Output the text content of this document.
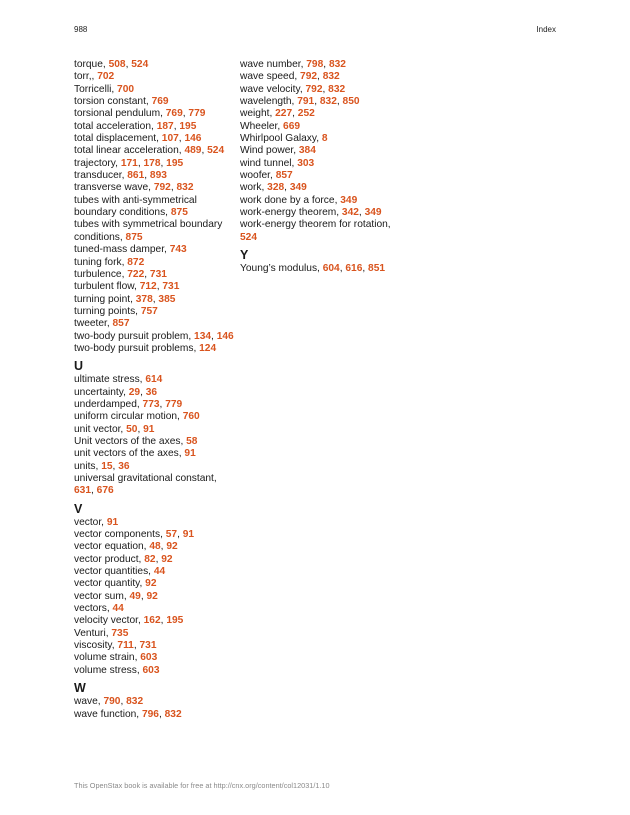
988	Index
torque, 508, 524
torr,, 702
Torricelli, 700
torsion constant, 769
torsional pendulum, 769, 779
total acceleration, 187, 195
total displacement, 107, 146
total linear acceleration, 489, 524
trajectory, 171, 178, 195
transducer, 861, 893
transverse wave, 792, 832
tubes with anti-symmetrical boundary conditions, 875
tubes with symmetrical boundary conditions, 875
tuned-mass damper, 743
tuning fork, 872
turbulence, 722, 731
turbulent flow, 712, 731
turning point, 378, 385
turning points, 757
tweeter, 857
two-body pursuit problem, 134, 146
two-body pursuit problems, 124
U
ultimate stress, 614
uncertainty, 29, 36
underdamped, 773, 779
uniform circular motion, 760
unit vector, 50, 91
Unit vectors of the axes, 58
unit vectors of the axes, 91
units, 15, 36
universal gravitational constant, 631, 676
V
vector, 91
vector components, 57, 91
vector equation, 48, 92
vector product, 82, 92
vector quantities, 44
vector quantity, 92
vector sum, 49, 92
vectors, 44
velocity vector, 162, 195
Venturi, 735
viscosity, 711, 731
volume strain, 603
volume stress, 603
W
wave, 790, 832
wave function, 796, 832
wave number, 798, 832
wave speed, 792, 832
wave velocity, 792, 832
wavelength, 791, 832, 850
weight, 227, 252
Wheeler, 669
Whirlpool Galaxy, 8
Wind power, 384
wind tunnel, 303
woofer, 857
work, 328, 349
work done by a force, 349
work-energy theorem, 342, 349
work-energy theorem for rotation, 524
Y
Young’s modulus, 604, 616, 851
This OpenStax book is available for free at http://cnx.org/content/col12031/1.10
